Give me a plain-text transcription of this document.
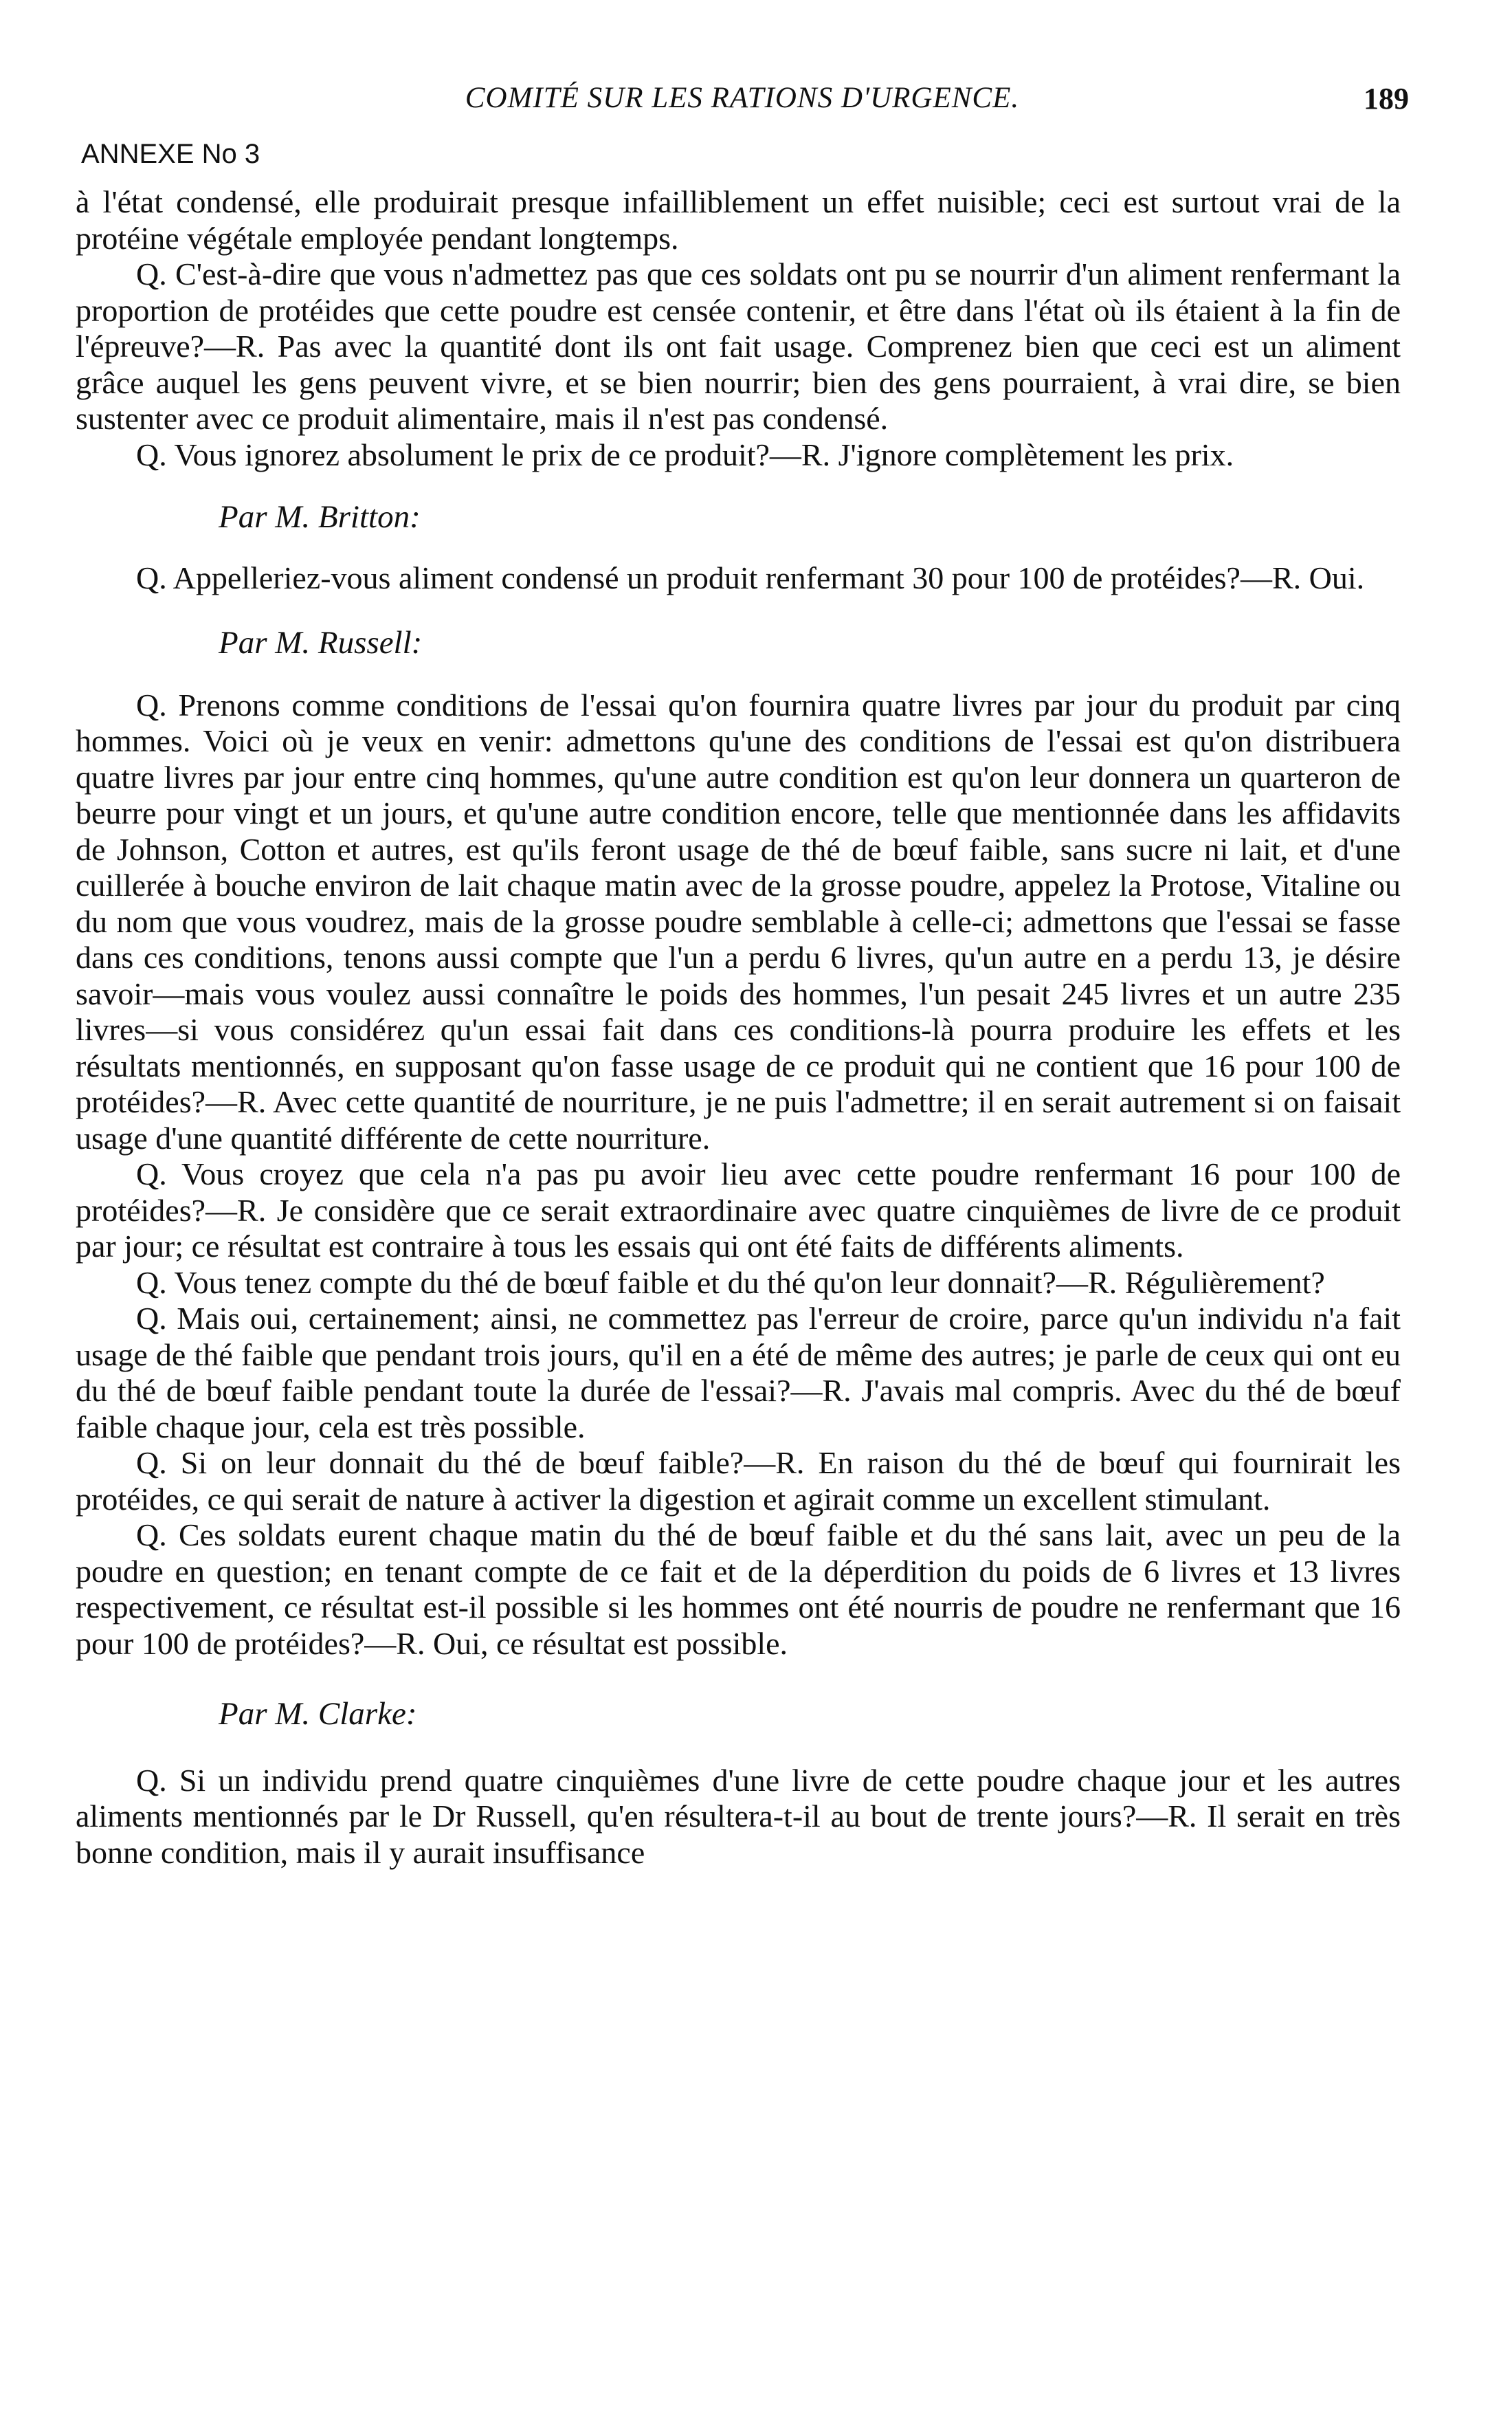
COMITÉ SUR LES RATIONS D'URGENCE.	189
ANNEXE No 3

à l'état condensé, elle produirait presque infailliblement un effet nuisible; ceci est surtout vrai de la protéine végétale employée pendant longtemps.

Q. C'est-à-dire que vous n'admettez pas que ces soldats ont pu se nourrir d'un aliment renfermant la proportion de protéides que cette poudre est censée contenir, et être dans l'état où ils étaient à la fin de l'épreuve?—R. Pas avec la quantité dont ils ont fait usage. Comprenez bien que ceci est un aliment grâce auquel les gens peuvent vivre, et se bien nourrir; bien des gens pourraient, à vrai dire, se bien sustenter avec ce produit alimentaire, mais il n'est pas condensé.

Q. Vous ignorez absolument le prix de ce produit?—R. J'ignore complètement les prix.

Par M. Britton:

Q. Appelleriez-vous aliment condensé un produit renfermant 30 pour 100 de protéides?—R. Oui.

Par M. Russell:

Q. Prenons comme conditions de l'essai qu'on fournira quatre livres par jour du produit par cinq hommes. Voici où je veux en venir: admettons qu'une des conditions de l'essai est qu'on distribuera quatre livres par jour entre cinq hommes, qu'une autre condition est qu'on leur donnera un quarteron de beurre pour vingt et un jours, et qu'une autre condition encore, telle que mentionnée dans les affidavits de Johnson, Cotton et autres, est qu'ils feront usage de thé de bœuf faible, sans sucre ni lait, et d'une cuillerée à bouche environ de lait chaque matin avec de la grosse poudre, appelez la Protose, Vitaline ou du nom que vous voudrez, mais de la grosse poudre semblable à celle-ci; admettons que l'essai se fasse dans ces conditions, tenons aussi compte que l'un a perdu 6 livres, qu'un autre en a perdu 13, je désire savoir—mais vous voulez aussi connaître le poids des hommes, l'un pesait 245 livres et un autre 235 livres—si vous considérez qu'un essai fait dans ces conditions-là pourra produire les effets et les résultats mentionnés, en supposant qu'on fasse usage de ce produit qui ne contient que 16 pour 100 de protéides?—R. Avec cette quantité de nourriture, je ne puis l'admettre; il en serait autrement si on faisait usage d'une quantité différente de cette nourriture.

Q. Vous croyez que cela n'a pas pu avoir lieu avec cette poudre renfermant 16 pour 100 de protéides?—R. Je considère que ce serait extraordinaire avec quatre cinquièmes de livre de ce produit par jour; ce résultat est contraire à tous les essais qui ont été faits de différents aliments.

Q. Vous tenez compte du thé de bœuf faible et du thé qu'on leur donnait?—R. Régulièrement?

Q. Mais oui, certainement; ainsi, ne commettez pas l'erreur de croire, parce qu'un individu n'a fait usage de thé faible que pendant trois jours, qu'il en a été de même des autres; je parle de ceux qui ont eu du thé de bœuf faible pendant toute la durée de l'essai?—R. J'avais mal compris. Avec du thé de bœuf faible chaque jour, cela est très possible.

Q. Si on leur donnait du thé de bœuf faible?—R. En raison du thé de bœuf qui fournirait les protéides, ce qui serait de nature à activer la digestion et agirait comme un excellent stimulant.

Q. Ces soldats eurent chaque matin du thé de bœuf faible et du thé sans lait, avec un peu de la poudre en question; en tenant compte de ce fait et de la déperdition du poids de 6 livres et 13 livres respectivement, ce résultat est-il possible si les hommes ont été nourris de poudre ne renfermant que 16 pour 100 de protéides?—R. Oui, ce résultat est possible.

Par M. Clarke:

Q. Si un individu prend quatre cinquièmes d'une livre de cette poudre chaque jour et les autres aliments mentionnés par le Dr Russell, qu'en résultera-t-il au bout de trente jours?—R. Il serait en très bonne condition, mais il y aurait insuffisance
